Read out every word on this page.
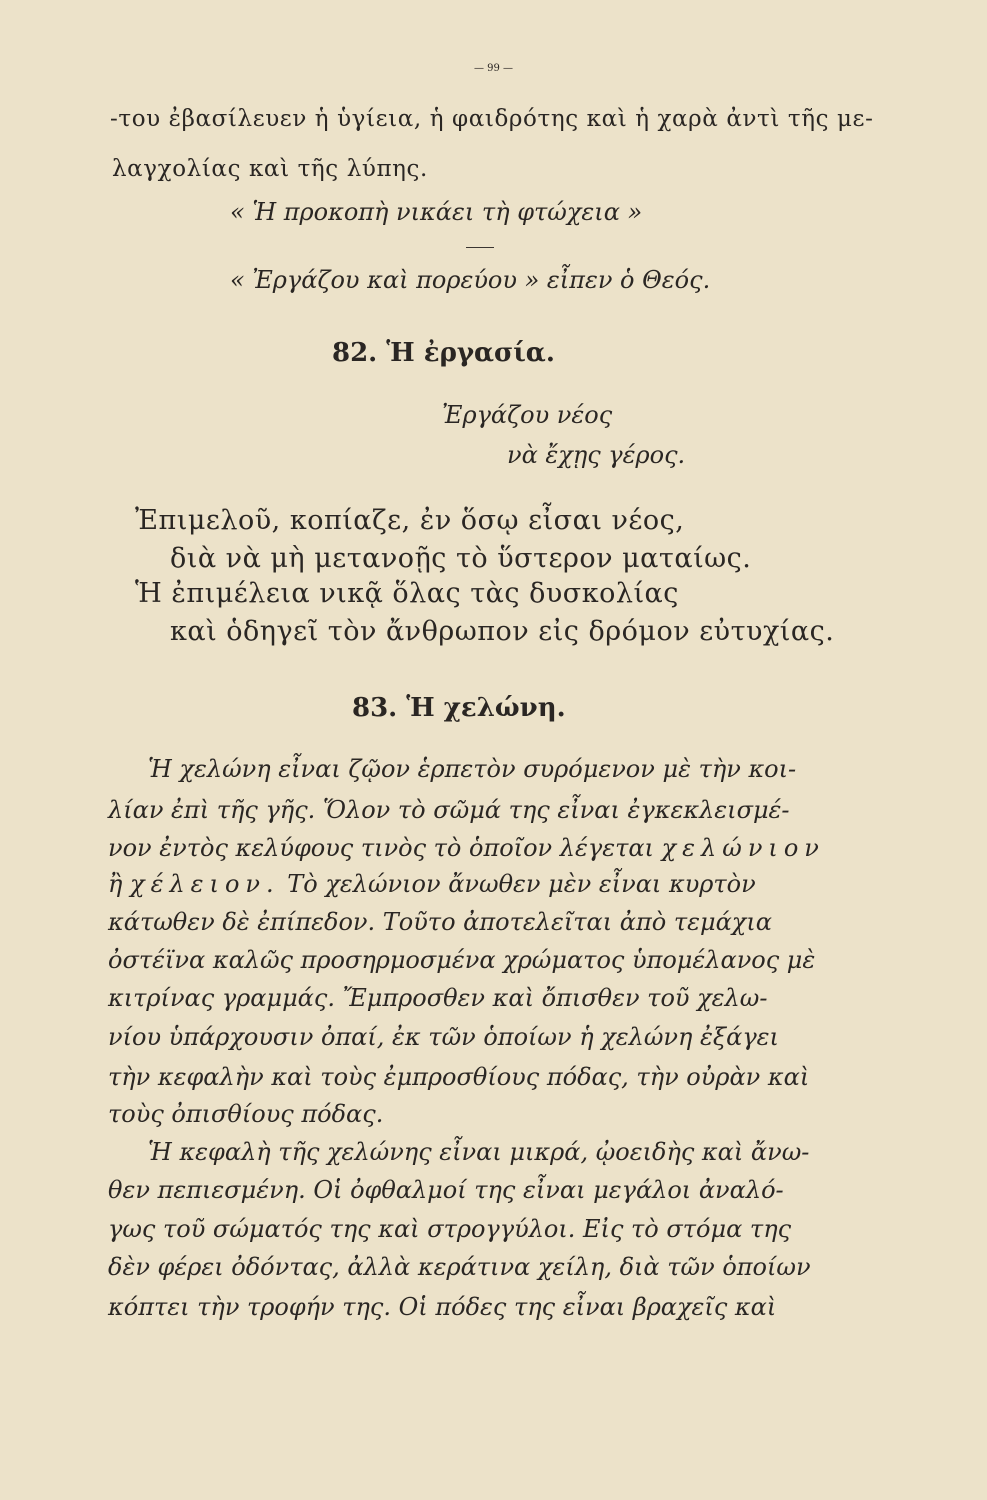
— 99 —
-του ἐβασίλευεν ἡ ὑγίεια, ἡ φαιδρότης καὶ ἡ χαρὰ ἀντὶ τῆς με-
λαγχολίας καὶ τῆς λύπης.
« Ἡ προκοπὴ νικάει τὴ φτώχεια »
« Ἐργάζου καὶ πορεύου » εἶπεν ὁ Θεός.
82. Ἡ ἐργασία.
Ἐργάζου νέος
νὰ ἔχῃς γέρος.
Ἐπιμελοῦ, κοπίαζε, ἐν ὅσῳ εἶσαι νέος,
διὰ νὰ μὴ μετανοῇς τὸ ὕστερον ματαίως.
Ἡ ἐπιμέλεια νικᾷ ὅλας τὰς δυσκολίας
καὶ ὁδηγεῖ τὸν ἄνθρωπον εἰς δρόμον εὐτυχίας.
83. Ἡ χελώνη.
Ἡ χελώνη εἶναι ζῷον ἑρπετὸν συρόμενον μὲ τὴν κοι-
λίαν ἐπὶ τῆς γῆς. Ὅλον τὸ σῶμά της εἶναι ἐγκεκλεισμέ-
νον ἐντὸς κελύφους τινὸς τὸ ὁποῖον λέγεται χελώνιον
ἢ χέλειον. Τὸ χελώνιον ἄνωθεν μὲν εἶναι κυρτὸν
κάτωθεν δὲ ἐπίπεδον. Τοῦτο ἀποτελεῖται ἀπὸ τεμάχια
ὀστέϊνα καλῶς προσηρμοσμένα χρώματος ὑπομέλανος μὲ
κιτρίνας γραμμάς. Ἔμπροσθεν καὶ ὄπισθεν τοῦ χελω-
νίου ὑπάρχουσιν ὀπαί, ἐκ τῶν ὁποίων ἡ χελώνη ἐξάγει
τὴν κεφαλὴν καὶ τοὺς ἐμπροσθίους πόδας, τὴν οὐρὰν καὶ
τοὺς ὀπισθίους πόδας.
Ἡ κεφαλὴ τῆς χελώνης εἶναι μικρά, ᾠοειδὴς καὶ ἄνω-
θεν πεπιεσμένη. Οἱ ὀφθαλμοί της εἶναι μεγάλοι ἀναλό-
γως τοῦ σώματός της καὶ στρογγύλοι. Εἰς τὸ στόμα της
δὲν φέρει ὀδόντας, ἀλλὰ κεράτινα χείλη, διὰ τῶν ὁποίων
κόπτει τὴν τροφήν της. Οἱ πόδες της εἶναι βραχεῖς καὶ
